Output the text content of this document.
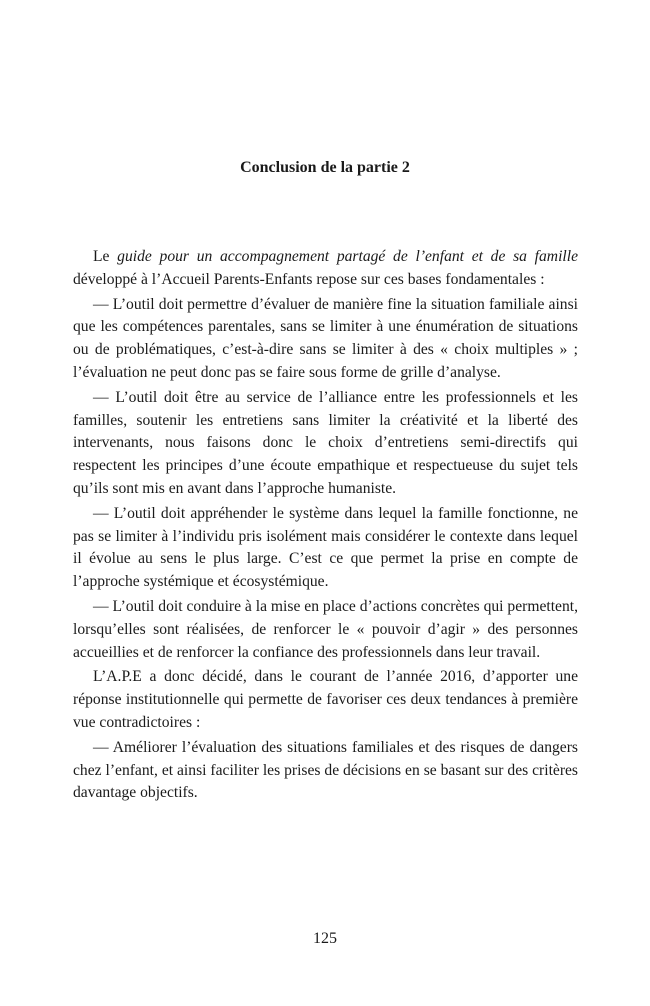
Conclusion de la partie 2

Le guide pour un accompagnement partagé de l’enfant et de sa famille développé à l’Accueil Parents-Enfants repose sur ces bases fondamentales :

— L’outil doit permettre d’évaluer de manière fine la situation familiale ainsi que les compétences parentales, sans se limiter à une énumération de situations ou de problématiques, c’est-à-dire sans se limiter à des « choix multiples » ; l’évaluation ne peut donc pas se faire sous forme de grille d’analyse.

— L’outil doit être au service de l’alliance entre les professionnels et les familles, soutenir les entretiens sans limiter la créativité et la liberté des intervenants, nous faisons donc le choix d’entretiens semi-directifs qui respectent les principes d’une écoute empathique et respectueuse du sujet tels qu’ils sont mis en avant dans l’approche humaniste.

— L’outil doit appréhender le système dans lequel la famille fonctionne, ne pas se limiter à l’individu pris isolément mais considérer le contexte dans lequel il évolue au sens le plus large. C’est ce que permet la prise en compte de l’approche systémique et écosystémique.

— L’outil doit conduire à la mise en place d’actions concrètes qui permettent, lorsqu’elles sont réalisées, de renforcer le « pouvoir d’agir » des personnes accueillies et de renforcer la confiance des professionnels dans leur travail.

L’A.P.E a donc décidé, dans le courant de l’année 2016, d’apporter une réponse institutionnelle qui permette de favoriser ces deux tendances à première vue contradictoires :

— Améliorer l’évaluation des situations familiales et des risques de dangers chez l’enfant, et ainsi faciliter les prises de décisions en se basant sur des critères davantage objectifs.

125
